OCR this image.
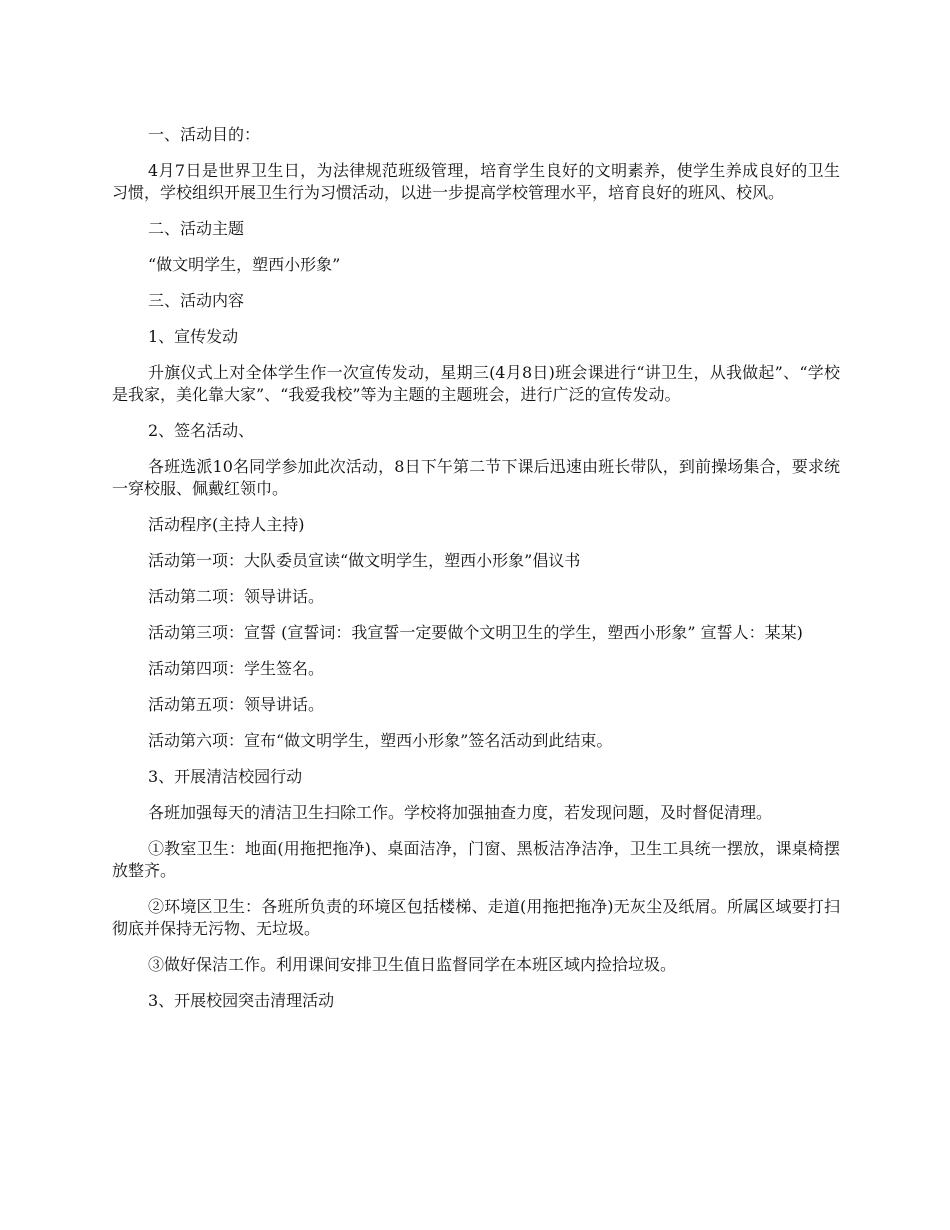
一、活动目的：

4月7日是世界卫生日，为法律规范班级管理，培育学生良好的文明素养，使学生养成良好的卫生习惯，学校组织开展卫生行为习惯活动，以进一步提高学校管理水平，培育良好的班风、校风。

二、活动主题

“做文明学生，塑西小形象”

三、活动内容

1、宣传发动

升旗仪式上对全体学生作一次宣传发动，星期三(4月8日)班会课进行“讲卫生，从我做起”、“学校是我家，美化靠大家”、“我爱我校”等为主题的主题班会，进行广泛的宣传发动。

2、签名活动、

各班选派10名同学参加此次活动，8日下午第二节下课后迅速由班长带队，到前操场集合，要求统一穿校服、佩戴红领巾。

活动程序(主持人主持)

活动第一项：大队委员宣读“做文明学生，塑西小形象”倡议书

活动第二项：领导讲话。

活动第三项：宣誓 (宣誓词：我宣誓一定要做个文明卫生的学生，塑西小形象” 宣誓人：某某)

活动第四项：学生签名。

活动第五项：领导讲话。

活动第六项：宣布“做文明学生，塑西小形象”签名活动到此结束。

3、开展清洁校园行动

各班加强每天的清洁卫生扫除工作。学校将加强抽查力度，若发现问题，及时督促清理。

①教室卫生：地面(用拖把拖净)、桌面洁净，门窗、黑板洁净洁净，卫生工具统一摆放，课桌椅摆放整齐。

②环境区卫生：各班所负责的环境区包括楼梯、走道(用拖把拖净)无灰尘及纸屑。所属区域要打扫彻底并保持无污物、无垃圾。

③做好保洁工作。利用课间安排卫生值日监督同学在本班区域内捡拾垃圾。

3、开展校园突击清理活动
